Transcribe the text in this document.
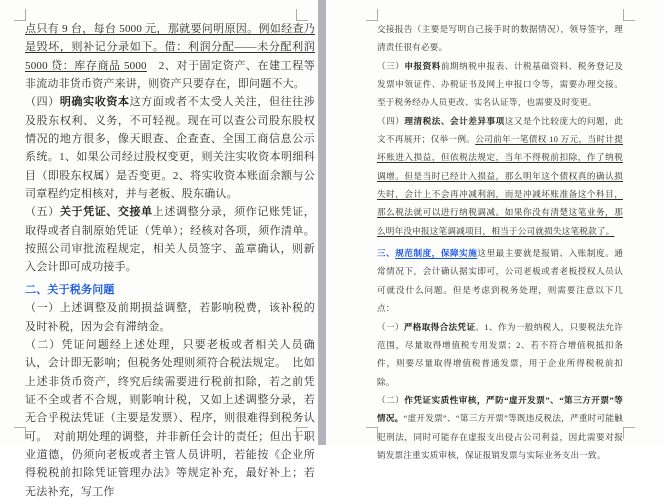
点只有 9 台，每台 5000 元，那就要问明原因。例如经查乃是毁坏，则补记分录如下。借：利润分配——未分配利润 5000 贷：库存商品 5000　2、对于固定资产、在建工程等非流动非货币资产来讲，则资产只要存在，即问题不大。

（四）明确实收资本这方面或者不太受人关注，但往往涉及股东权利、义务，不可轻视。现在可以查公司股东股权情况的地方很多，像天眼查、企查查、全国工商信息公示系统。1、如果公司经过股权变更，则关注实收资本明细科目（即股东权属）是否变更。2、将实收资本账面余额与公司章程约定相核对，并与老板、股东确认。

（五）关于凭证、交接单上述调整分录，须作记账凭证，取得或者自制原始凭证（凭单）；经核对各项，须作清单。按照公司审批流程规定，相关人员签字、盖章确认，则新入会计即可成功接手。

二、关于税务问题

（一）上述调整及前期损益调整，若影响税费，该补税的及时补税，因为会有滞纳金。

（二）凭证问题经上述处理，只要老板或者相关人员确认，会计即无影响；但税务处理则须符合税法规定。　比如上述非货币资产，终究后续需要进行税前扣除，若之前凭证不全或者不合规，则影响计税，又如上述调整分录，若无合乎税法凭证（主要是发票）、程序，则很难得到税务认可。　对前期处理的调整，并非新任会计的责任；但出于职业道德，仍须向老板或者主管人员讲明，若能按《企业所得税税前扣除凭证管理办法》等规定补充，最好补上；若无法补充，写工作

交接报告（主要是写明自己接手时的数据情况），领导签字，理清责任很有必要。

（三）申报资料前期纳税申报表、计税基础资料、税务登记及发票申领证件、办税证书及网上申报口令等，需要办理交接。至于税务经办人员更改、实名认证等，也需要及时变更。

（四）理清税法、会计差异事项这又是个比较庞大的问题，此文不再展开；仅举一例。公司前年一笔债权 10 万元，当时计提坏账进入损益，但依税法规定，当年不得税前扣除，作了纳税调增。但是当时已经计入损益，那么明年这个债权真的确认损失时，会计上不会再冲减利润，而是冲减坏账准备这个科目，那么税法就可以进行纳税调减。如果你没有清楚这笔业务，那么明年没申报这笔调减项目，相当于公司就损失这笔税款了。

三、规范制度，保障实施这里最主要就是报销、入账制度。通常情况下，会计确认据实即可，公司老板或者老板授权人员认可就没什么问题。但是考虑到税务处理，则需要注意以下几点：

（一）严格取得合法凭证。1、作为一般纳税人，只要税法允许范围，尽量取得增值税专用发票；2、若不符合增值税抵扣条件，则要尽量取得增值税普通发票，用于企业所得税税前扣除。

（二）作凭证实质性审核，严防“虚开发票”、“第三方开票”等情况。“虚开发票”、“第三方开票”等既违反税法，严重时可能触犯刑法，同时可能存在虚报支出侵占公司利益，因此需要对报销发票注重实质审核，保证报销发票与实际业务支出一致。
